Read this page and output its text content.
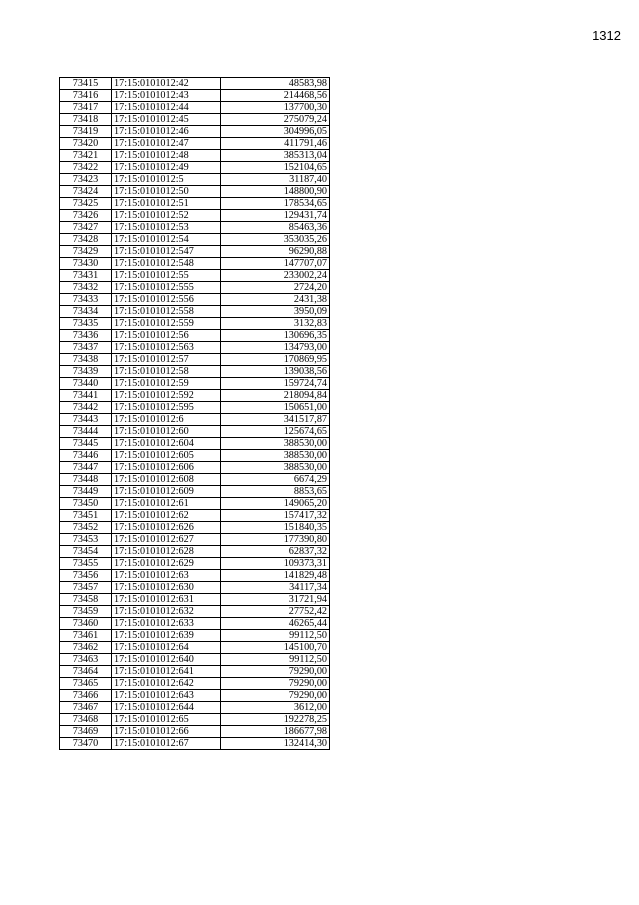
1312
73415	17:15:0101012:42	48583,98
73416	17:15:0101012:43	214468,56
73417	17:15:0101012:44	137700,30
73418	17:15:0101012:45	275079,24
73419	17:15:0101012:46	304996,05
73420	17:15:0101012:47	411791,46
73421	17:15:0101012:48	385313,04
73422	17:15:0101012:49	152104,65
73423	17:15:0101012:5	31187,40
73424	17:15:0101012:50	148800,90
73425	17:15:0101012:51	178534,65
73426	17:15:0101012:52	129431,74
73427	17:15:0101012:53	85463,36
73428	17:15:0101012:54	353035,26
73429	17:15:0101012:547	96290,88
73430	17:15:0101012:548	147707,07
73431	17:15:0101012:55	233002,24
73432	17:15:0101012:555	2724,20
73433	17:15:0101012:556	2431,38
73434	17:15:0101012:558	3950,09
73435	17:15:0101012:559	3132,83
73436	17:15:0101012:56	130696,35
73437	17:15:0101012:563	134793,00
73438	17:15:0101012:57	170869,95
73439	17:15:0101012:58	139038,56
73440	17:15:0101012:59	159724,74
73441	17:15:0101012:592	218094,84
73442	17:15:0101012:595	150651,00
73443	17:15:0101012:6	341517,87
73444	17:15:0101012:60	125674,65
73445	17:15:0101012:604	388530,00
73446	17:15:0101012:605	388530,00
73447	17:15:0101012:606	388530,00
73448	17:15:0101012:608	6674,29
73449	17:15:0101012:609	8853,65
73450	17:15:0101012:61	149065,20
73451	17:15:0101012:62	157417,32
73452	17:15:0101012:626	151840,35
73453	17:15:0101012:627	177390,80
73454	17:15:0101012:628	62837,32
73455	17:15:0101012:629	109373,31
73456	17:15:0101012:63	141829,48
73457	17:15:0101012:630	34117,34
73458	17:15:0101012:631	31721,94
73459	17:15:0101012:632	27752,42
73460	17:15:0101012:633	46265,44
73461	17:15:0101012:639	99112,50
73462	17:15:0101012:64	145100,70
73463	17:15:0101012:640	99112,50
73464	17:15:0101012:641	79290,00
73465	17:15:0101012:642	79290,00
73466	17:15:0101012:643	79290,00
73467	17:15:0101012:644	3612,00
73468	17:15:0101012:65	192278,25
73469	17:15:0101012:66	186677,98
73470	17:15:0101012:67	132414,30
